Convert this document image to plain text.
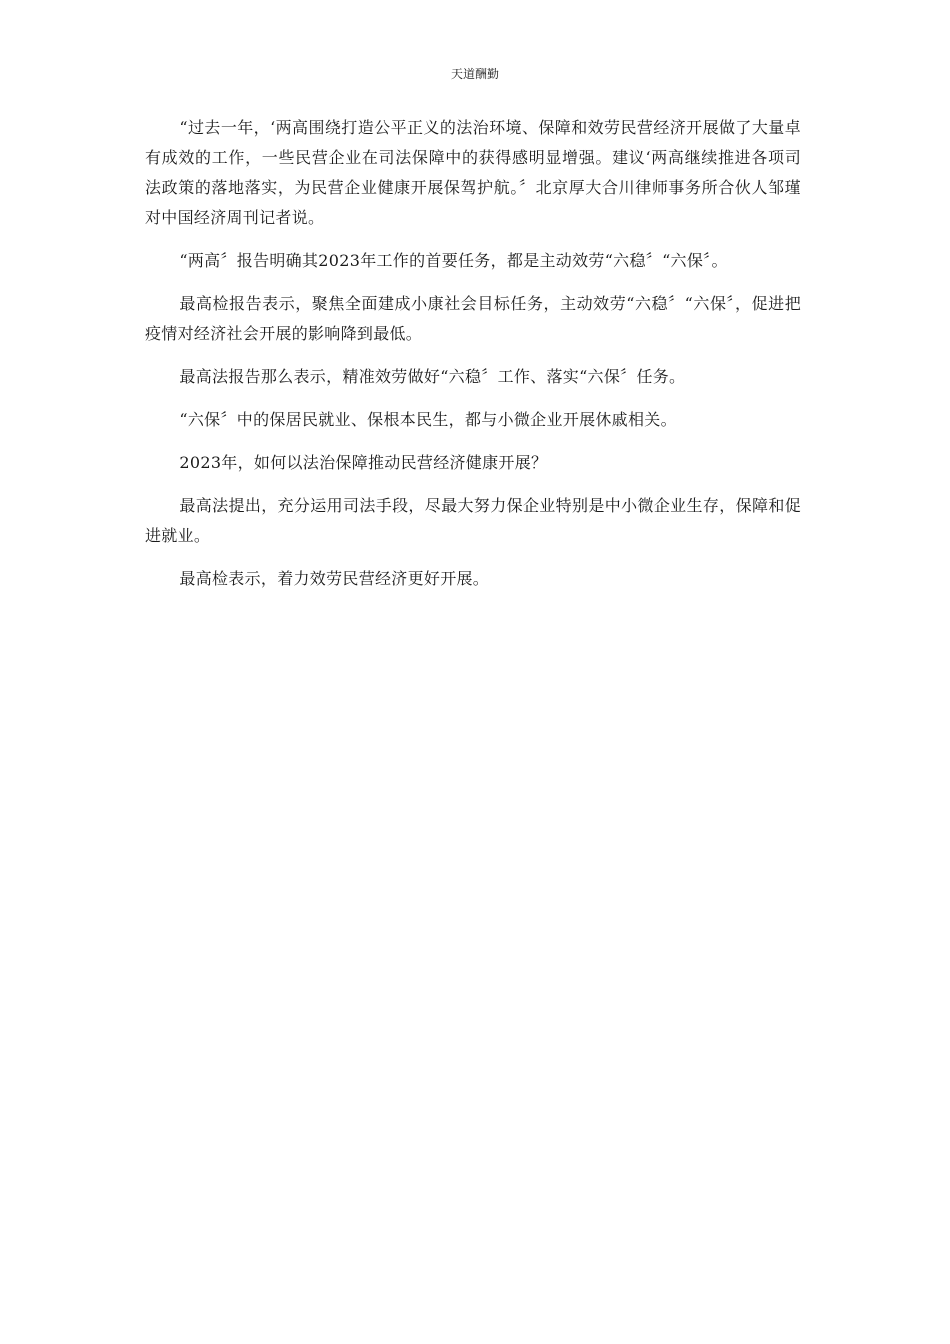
天道酬勤

“过去一年，‘两高围绕打造公平正义的法治环境、保障和效劳民营经济开展做了大量卓有成效的工作，一些民营企业在司法保障中的获得感明显增强。建议‘两高继续推进各项司法政策的落地落实，为民营企业健康开展保驾护航。〞北京厚大合川律师事务所合伙人邹瑾对中国经济周刊记者说。

“两高〞报告明确其2023年工作的首要任务，都是主动效劳“六稳〞“六保〞。

最高检报告表示，聚焦全面建成小康社会目标任务，主动效劳“六稳〞“六保〞，促进把疫情对经济社会开展的影响降到最低。

最高法报告那么表示，精准效劳做好“六稳〞工作、落实“六保〞任务。

“六保〞中的保居民就业、保根本民生，都与小微企业开展休戚相关。

2023年，如何以法治保障推动民营经济健康开展？

最高法提出，充分运用司法手段，尽最大努力保企业特别是中小微企业生存，保障和促进就业。

最高检表示，着力效劳民营经济更好开展。
